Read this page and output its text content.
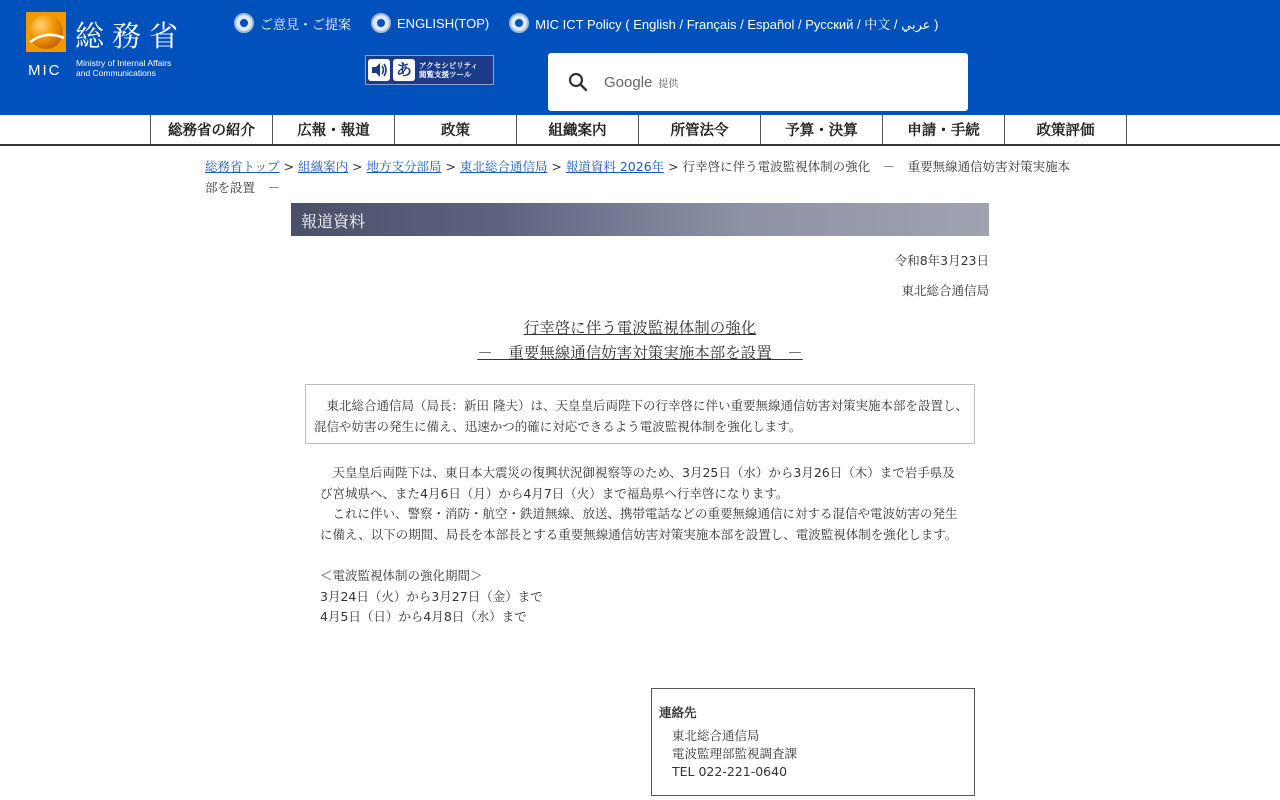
総務省
MIC Ministry of Internal Affairs
and Communications
ご意見・ご提案	ENGLISH(TOP)	MIC ICT Policy ( English / Français / Español / Русский / 中文 / عربي )
あ アクセシビリティ
閲覧支援ツール	Google 提供
総務省の紹介	広報・報道	政策	組織案内	所管法令	予算・決算	申請・手続	政策評価
総務省トップ > 組織案内 > 地方支分部局 > 東北総合通信局 > 報道資料 2026年 > 行幸啓に伴う電波監視体制の強化　－　重要無線通信妨害対策実施本部を設置　－
報道資料
令和8年3月23日
東北総合通信局
行幸啓に伴う電波監視体制の強化
－　重要無線通信妨害対策実施本部を設置　－
　東北総合通信局（局長：新田 隆夫）は、天皇皇后両陛下の行幸啓に伴い重要無線通信妨害対策実施本部を設置し、混信や妨害の発生に備え、迅速かつ的確に対応できるよう電波監視体制を強化します。

　天皇皇后両陛下は、東日本大震災の復興状況御視察等のため、3月25日（水）から3月26日（木）まで岩手県及び宮城県へ、また4月6日（月）から4月7日（火）まで福島県へ行幸啓になります。

　これに伴い、警察・消防・航空・鉄道無線、放送、携帯電話などの重要無線通信に対する混信や電波妨害の発生に備え、以下の期間、局長を本部長とする重要無線通信妨害対策実施本部を設置し、電波監視体制を強化します。

＜電波監視体制の強化期間＞

3月24日（火）から3月27日（金）まで

4月5日（日）から4月8日（水）まで

連絡先
東北総合通信局
電波監理部監視調査課
TEL 022-221-0640
